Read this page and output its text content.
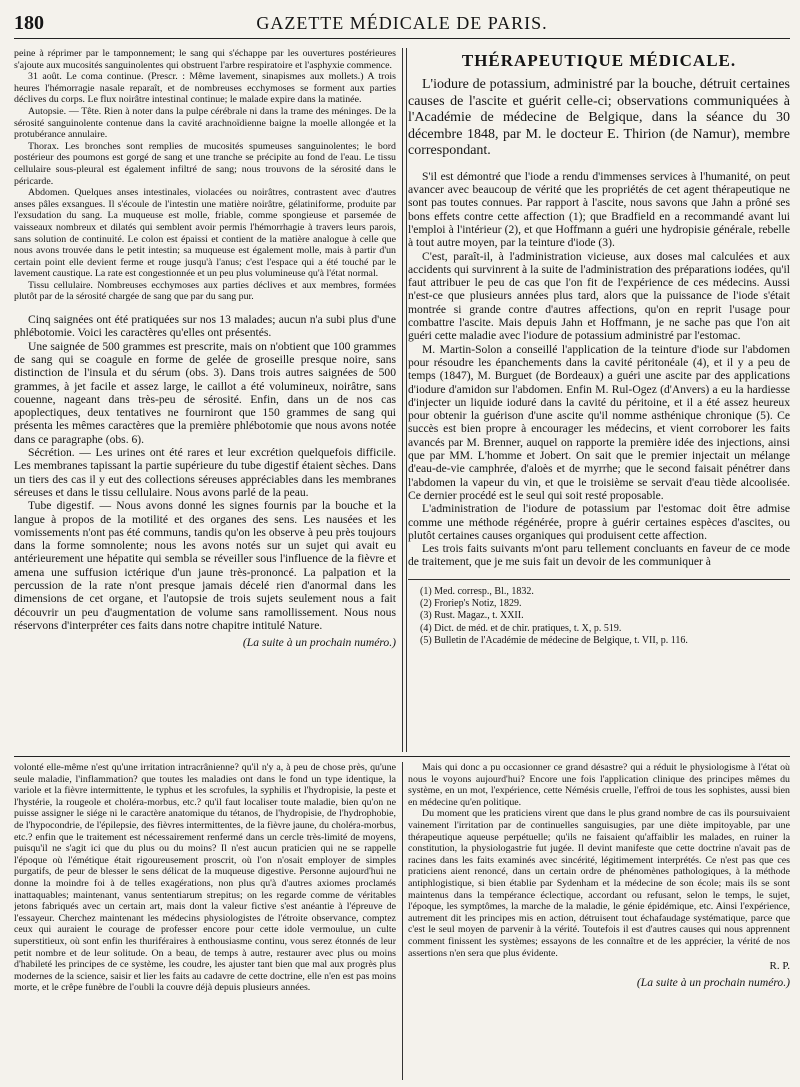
180	GAZETTE MÉDICALE DE PARIS.

peine à réprimer par le tamponnement; le sang qui s'échappe par les ouvertures postérieures s'ajoute aux mucosités sanguinolentes qui obstruent l'arbre respiratoire et l'asphyxie commence.

31 août. Le coma continue. (Prescr. : Même lavement, sinapismes aux mollets.) A trois heures l'hémorragie nasale reparaît, et de nombreuses ecchymoses se forment aux parties déclives du corps. Le flux noirâtre intestinal continue; le malade expire dans la matinée.

Autopsie. — Tête. Rien à noter dans la pulpe cérébrale ni dans la trame des méninges. De la sérosité sanguinolente contenue dans la cavité arachnoïdienne baigne la moelle allongée et la protubérance annulaire.

Thorax. Les bronches sont remplies de mucosités spumeuses sanguinolentes; le bord postérieur des poumons est gorgé de sang et une tranche se précipite au fond de l'eau. Le tissu cellulaire sous-pleural est également infiltré de sang; nous trouvons de la sérosité dans le péricarde.

Abdomen. Quelques anses intestinales, violacées ou noirâtres, contrastent avec d'autres anses pâles exsangues. Il s'écoule de l'intestin une matière noirâtre, gélatiniforme, produite par l'exsudation du sang. La muqueuse est molle, friable, comme spongieuse et parsemée de vaisseaux nombreux et dilatés qui semblent avoir permis l'hémorrhagie à travers leurs parois, sans solution de continuité. Le colon est épaissi et contient de la matière analogue à celle que nous avons trouvée dans le petit intestin; sa muqueuse est également molle, mais à partir d'un certain point elle devient ferme et rouge jusqu'à l'anus; c'est l'espace qui a été touché par le lavement caustique. La rate est congestionnée et un peu plus volumineuse qu'à l'état normal.

Tissu cellulaire. Nombreuses ecchymoses aux parties déclives et aux membres, formées plutôt par de la sérosité chargée de sang que par du sang pur.

Cinq saignées ont été pratiquées sur nos 13 malades; aucun n'a subi plus d'une phlébotomie. Voici les caractères qu'elles ont présentés.

Une saignée de 500 grammes est prescrite, mais on n'obtient que 100 grammes de sang qui se coagule en forme de gelée de groseille presque noire, sans distinction de l'insula et du sérum (obs. 3). Dans trois autres saignées de 500 grammes, à jet facile et assez large, le caillot a été volumineux, noirâtre, sans couenne, nageant dans très-peu de sérosité. Enfin, dans un de nos cas apoplectiques, deux tentatives ne fourniront que 150 grammes de sang qui présenta les mêmes caractères que la première phlébotomie que nous avons notée dans ce paragraphe (obs. 6).

Sécrétion. — Les urines ont été rares et leur excrétion quelquefois difficile. Les membranes tapissant la partie supérieure du tube digestif étaient sèches. Dans un tiers des cas il y eut des collections séreuses appréciables dans les membranes séreuses et dans le tissu cellulaire. Nous avons parlé de la peau.

Tube digestif. — Nous avons donné les signes fournis par la bouche et la langue à propos de la motilité et des organes des sens. Les nausées et les vomissements n'ont pas été communs, tandis qu'on les observe à peu près toujours dans la forme somnolente; nous les avons notés sur un sujet qui avait eu antérieurement une hépatite qui sembla se réveiller sous l'influence de la fièvre et amena une suffusion ictérique d'un jaune très-prononcé. La palpation et la percussion de la rate n'ont presque jamais décelé rien d'anormal dans les dimensions de cet organe, et l'autopsie de trois sujets seulement nous a fait découvrir un peu d'augmentation de volume sans ramollissement. Nous nous réservons d'interpréter ces faits dans notre chapitre intitulé Nature.

(La suite à un prochain numéro.)

THÉRAPEUTIQUE MÉDICALE.

L'iodure de potassium, administré par la bouche, détruit certaines causes de l'ascite et guérit celle-ci; observations communiquées à l'Académie de médecine de Belgique, dans la séance du 30 décembre 1848, par M. le docteur E. Thirion (de Namur), membre correspondant.

S'il est démontré que l'iode a rendu d'immenses services à l'humanité, on peut avancer avec beaucoup de vérité que les propriétés de cet agent thérapeutique ne sont pas toutes connues. Par rapport à l'ascite, nous savons que Jahn a prôné ses bons effets contre cette affection (1); que Bradfield en a recommandé avant lui l'emploi à l'intérieur (2), et que Hoffmann a guéri une hydropisie générale, rebelle à tout autre moyen, par la teinture d'iode (3).

C'est, paraît-il, à l'administration vicieuse, aux doses mal calculées et aux accidents qui survinrent à la suite de l'administration des préparations iodées, qu'il faut attribuer le peu de cas que l'on fit de l'expérience de ces médecins. Aussi n'est-ce que plusieurs années plus tard, alors que la puissance de l'iode s'était montrée si grande contre d'autres affections, qu'on en reprit l'usage pour combattre l'ascite. Mais depuis Jahn et Hoffmann, je ne sache pas que l'on ait guéri cette maladie avec l'iodure de potassium administré par l'estomac.

M. Martin-Solon a conseillé l'application de la teinture d'iode sur l'abdomen pour résoudre les épanchements dans la cavité péritonéale (4), et il y a peu de temps (1847), M. Burguet (de Bordeaux) a guéri une ascite par des applications d'iodure d'amidon sur l'abdomen. Enfin M. Rul-Ogez (d'Anvers) a eu la hardiesse d'injecter un liquide ioduré dans la cavité du péritoine, et il a été assez heureux pour obtenir la guérison d'une ascite qu'il nomme asthénique chronique (5). Ce succès est bien propre à encourager les médecins, et vient corroborer les faits avancés par M. Brenner, auquel on rapporte la première idée des injections, ainsi que par MM. L'homme et Jobert. On sait que le premier injectait un mélange d'eau-de-vie camphrée, d'aloès et de myrrhe; que le second faisait pénétrer dans l'abdomen la vapeur du vin, et que le troisième se servait d'eau tiède alcoolisée. Ce dernier procédé est le seul qui soit resté proposable.

L'administration de l'iodure de potassium par l'estomac doit être admise comme une méthode régénérée, propre à guérir certaines espèces d'ascites, ou plutôt certaines causes organiques qui produisent cette affection.

Les trois faits suivants m'ont paru tellement concluants en faveur de ce mode de traitement, que je me suis fait un devoir de les communiquer à

(1) Med. corresp., Bl., 1832.

(2) Froriep's Notiz, 1829.

(3) Rust. Magaz., t. XXII.

(4) Dict. de méd. et de chir. pratiques, t. X, p. 519.

(5) Bulletin de l'Académie de médecine de Belgique, t. VII, p. 116.

volonté elle-même n'est qu'une irritation intracrânienne? qu'il n'y a, à peu de chose près, qu'une seule maladie, l'inflammation? que toutes les maladies ont dans le fond un type identique, la variole et la fièvre intermittente, le typhus et les scrofules, la syphilis et l'hydropisie, la peste et l'hystérie, la rougeole et choléra-morbus, etc.? qu'il faut localiser toute maladie, bien qu'on ne puisse assigner le siége ni le caractère anatomique du tétanos, de l'hydropisie, de l'hydrophobie, de l'hypocondrie, de l'épilepsie, des fièvres intermittentes, de la fièvre jaune, du choléra-morbus, etc.? enfin que le traitement est nécessairement renfermé dans un cercle très-limité de moyens, puisqu'il ne s'agit ici que du plus ou du moins? Il n'est aucun praticien qui ne se rappelle l'époque où l'émétique était rigoureusement proscrit, où l'on n'osait employer de simples purgatifs, de peur de blesser le sens délicat de la muqueuse digestive. Personne aujourd'hui ne donne la moindre foi à de telles exagérations, non plus qu'à d'autres axiomes proclamés inattaquables; maintenant, vanus sententiarum strepitus; on les regarde comme de véritables jetons fabriqués avec un certain art, mais dont la valeur fictive s'est anéantie à l'épreuve de l'essayeur. Cherchez maintenant les médecins physiologistes de l'étroite observance, comptez ceux qui auraient le courage de professer encore pour cette idole vermoulue, un culte superstitieux, où sont enfin les thuriféraires à enthousiasme continu, vous serez étonnés de leur petit nombre et de leur solitude. On a beau, de temps à autre, restaurer avec plus ou moins d'habileté les principes de ce système, les coudre, les ajuster tant bien que mal aux progrès plus modernes de la science, saisir et lier les faits au cadavre de cette doctrine, elle n'en est pas moins morte, et le crêpe funèbre de l'oubli la couvre déjà depuis plusieurs années.

Mais qui donc a pu occasionner ce grand désastre? qui a réduit le physiologisme à l'état où nous le voyons aujourd'hui? Encore une fois l'application clinique des principes mêmes du système, en un mot, l'expérience, cette Némésis cruelle, l'effroi de tous les sophistes, aussi bien en médecine qu'en politique.

Du moment que les praticiens virent que dans le plus grand nombre de cas ils poursuivaient vainement l'irritation par de continuelles sanguisugies, par une diète impitoyable, par une thérapeutique aqueuse perpétuelle; qu'ils ne faisaient qu'affaiblir les malades, en ruiner la constitution, la physiologastrie fut jugée. Il devint manifeste que cette doctrine n'avait pas de racines dans les faits examinés avec sincérité, légitimement interprétés. Ce n'est pas que ces praticiens aient renoncé, dans un certain ordre de phénomènes pathologiques, à la méthode antiphlogistique, si bien établie par Sydenham et la médecine de son école; mais ils se sont maintenus dans la tempérance éclectique, accordant ou refusant, selon le temps, le sujet, l'époque, les symptômes, la marche de la maladie, le génie épidémique, etc. Ainsi l'expérience, autrement dit les principes mis en action, détruisent tout échafaudage systématique, parce que c'est le seul moyen de parvenir à la vérité. Toutefois il est d'autres causes qui nous apprennent comment finissent les systèmes; essayons de les connaître et de les apprécier, la vérité de nos assertions n'en sera que plus évidente.

R. P.

(La suite à un prochain numéro.)
